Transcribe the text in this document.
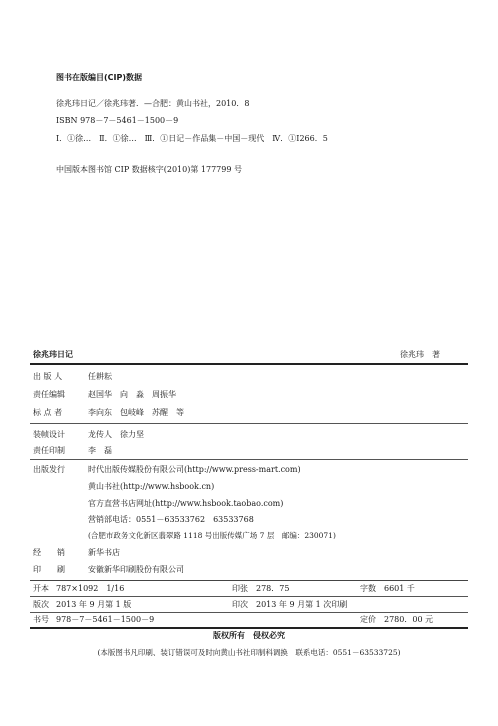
图书在版编目(CIP)数据
徐兆玮日记／徐兆玮著．—合肥：黄山书社，2010．8
ISBN 978－7－5461－1500－9
Ⅰ．①徐…　Ⅱ．①徐…　Ⅲ．①日记－作品集－中国－现代　Ⅳ．①I266．5
中国版本图书馆 CIP 数据核字(2010)第 177799 号
徐兆玮日记	徐兆玮　著
出 版 人	任耕耘
责任编辑	赵国华　向　淼　周振华
标 点 者	李向东　包岐峰　苏醒　等
装帧设计	龙传人　徐力坚
责任印制	李　磊
出版发行	时代出版传媒股份有限公司(http://www.press-mart.com)
黄山书社(http://www.hsbook.cn)
官方直营书店网址(http://www.hsbook.taobao.com)
营销部电话：0551－63533762　63533768
(合肥市政务文化新区翡翠路 1118 号出版传媒广场 7 层　邮编：230071)
经　　销	新华书店
印　　刷	安徽新华印刷股份有限公司
开本 787×1092　1/16	印张 278．75	字数 6601 千
版次 2013 年 9 月第 1 版	印次 2013 年 9 月第 1 次印刷
书号 978－7－5461－1500－9	定价 2780．00 元
版权所有　侵权必究
(本版图书凡印刷、装订错误可及时向黄山书社印制科调换　联系电话：0551－63533725)
